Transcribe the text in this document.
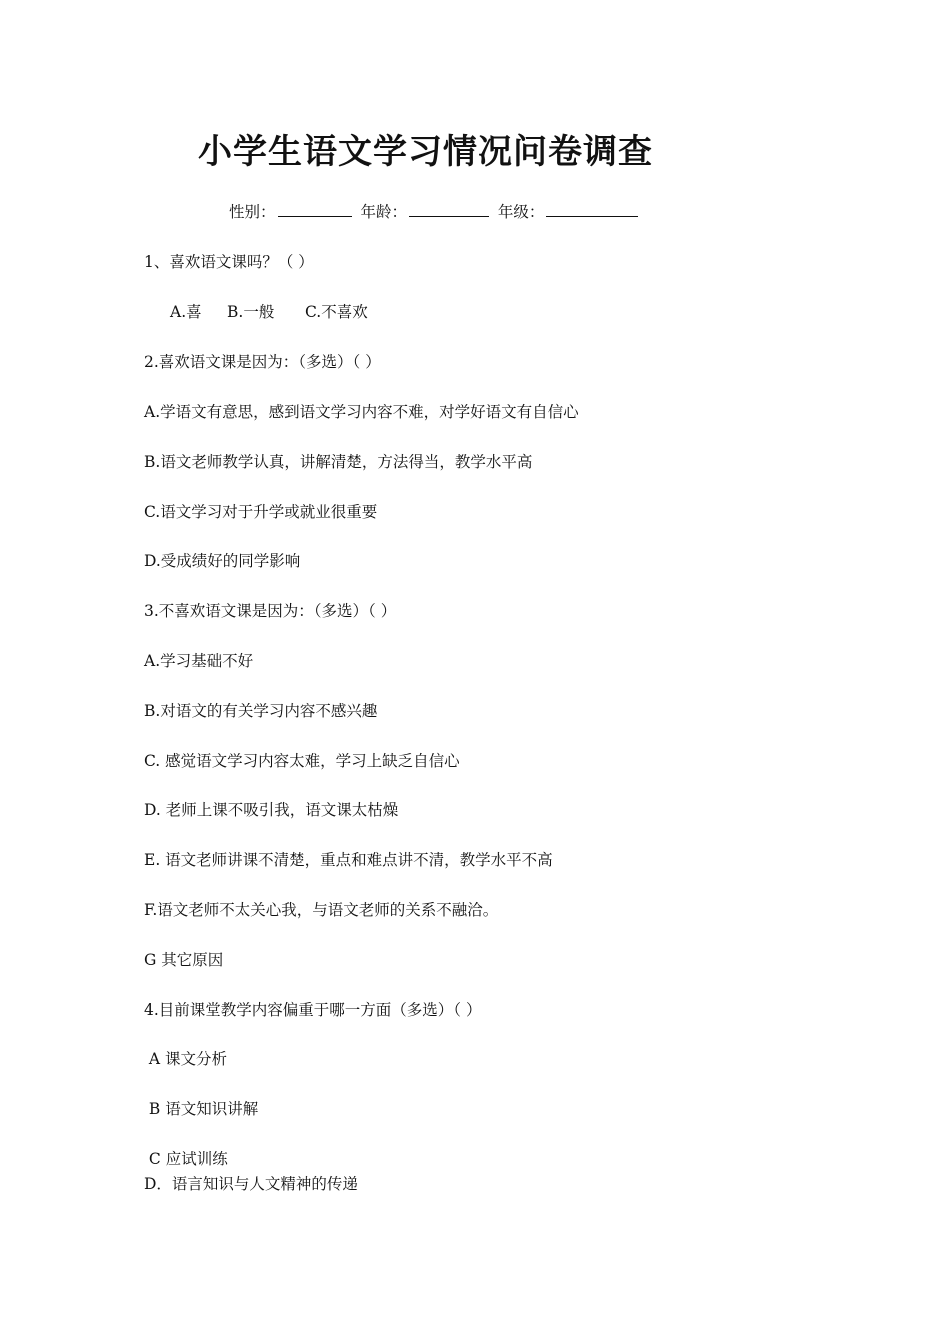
小学生语文学习情况问卷调查
性别：	年龄：	年级：
1、喜欢语文课吗？（ ）
A.喜 B.一般 C.不喜欢
2.喜欢语文课是因为：（多选）（ ）
A.学语文有意思，感到语文学习内容不难，对学好语文有自信心
B.语文老师教学认真，讲解清楚，方法得当，教学水平高
C.语文学习对于升学或就业很重要
D.受成绩好的同学影响
3.不喜欢语文课是因为：（多选）（ ）
A.学习基础不好
B.对语文的有关学习内容不感兴趣
C. 感觉语文学习内容太难，学习上缺乏自信心
D. 老师上课不吸引我，语文课太枯燥
E. 语文老师讲课不清楚，重点和难点讲不清，教学水平不高
F.语文老师不太关心我，与语文老师的关系不融洽。
G 其它原因
4.目前课堂教学内容偏重于哪一方面（多选）（ ）
A 课文分析
B 语文知识讲解
C 应试训练
D．语言知识与人文精神的传递
